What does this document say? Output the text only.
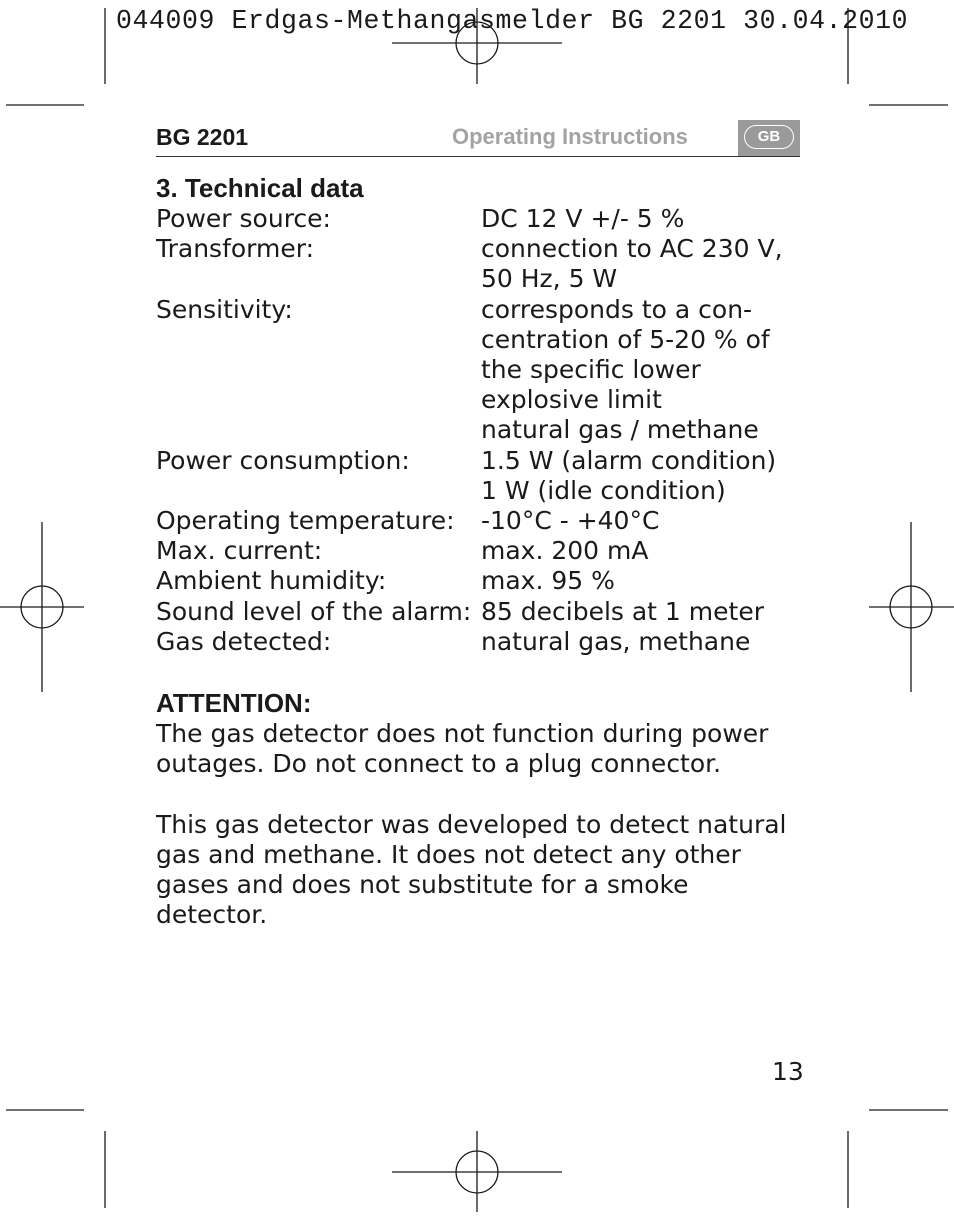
044009 Erdgas-Methangasmelder BG 2201 30.04.2010
BG 2201	Operating Instructions	GB
3. Technical data
Power source:	DC 12 V +/- 5 %
Transformer:	connection to AC 230 V,
50 Hz, 5 W
Sensitivity:	corresponds to a con-
centration of 5-20 % of
the specific lower
explosive limit
natural gas / methane
Power consumption:	1.5 W (alarm condition)
1 W (idle condition)
Operating temperature:	-10°C - +40°C
Max. current:	max. 200 mA
Ambient humidity:	max. 95 %
Sound level of the alarm: 85 decibels at 1 meter
Gas detected:	natural gas, methane
ATTENTION:
The gas detector does not function during power
outages. Do not connect to a plug connector.
This gas detector was developed to detect natural
gas and methane. It does not detect any other
gases and does not substitute for a smoke
detector.
13
